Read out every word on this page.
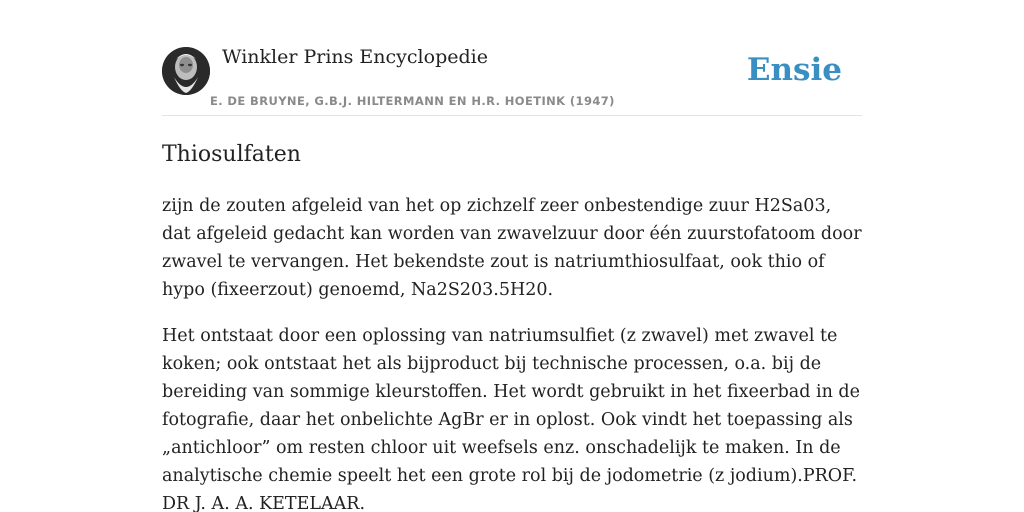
Winkler Prins Encyclopedie
E. DE BRUYNE, G.B.J. HILTERMANN EN H.R. HOETINK (1947)
Ensie
Thiosulfaten

zijn de zouten afgeleid van het op zichzelf zeer onbestendige zuur H2Sa03, dat afgeleid gedacht kan worden van zwavelzuur door één zuurstofatoom door zwavel te vervangen. Het bekendste zout is natriumthiosulfaat, ook thio of hypo (fixeerzout) genoemd, Na2S203.5H20.

Het ontstaat door een oplossing van natriumsulfiet (z zwavel) met zwavel te koken; ook ontstaat het als bijproduct bij technische processen, o.a. bij de bereiding van sommige kleurstoffen. Het wordt gebruikt in het fixeerbad in de fotografie, daar het onbelichte AgBr er in oplost. Ook vindt het toepassing als „antichloor” om resten chloor uit weefsels enz. onschadelijk te maken. In de analytische chemie speelt het een grote rol bij de jodometrie (z jodium).PROF. DR J. A. A. KETELAAR.
